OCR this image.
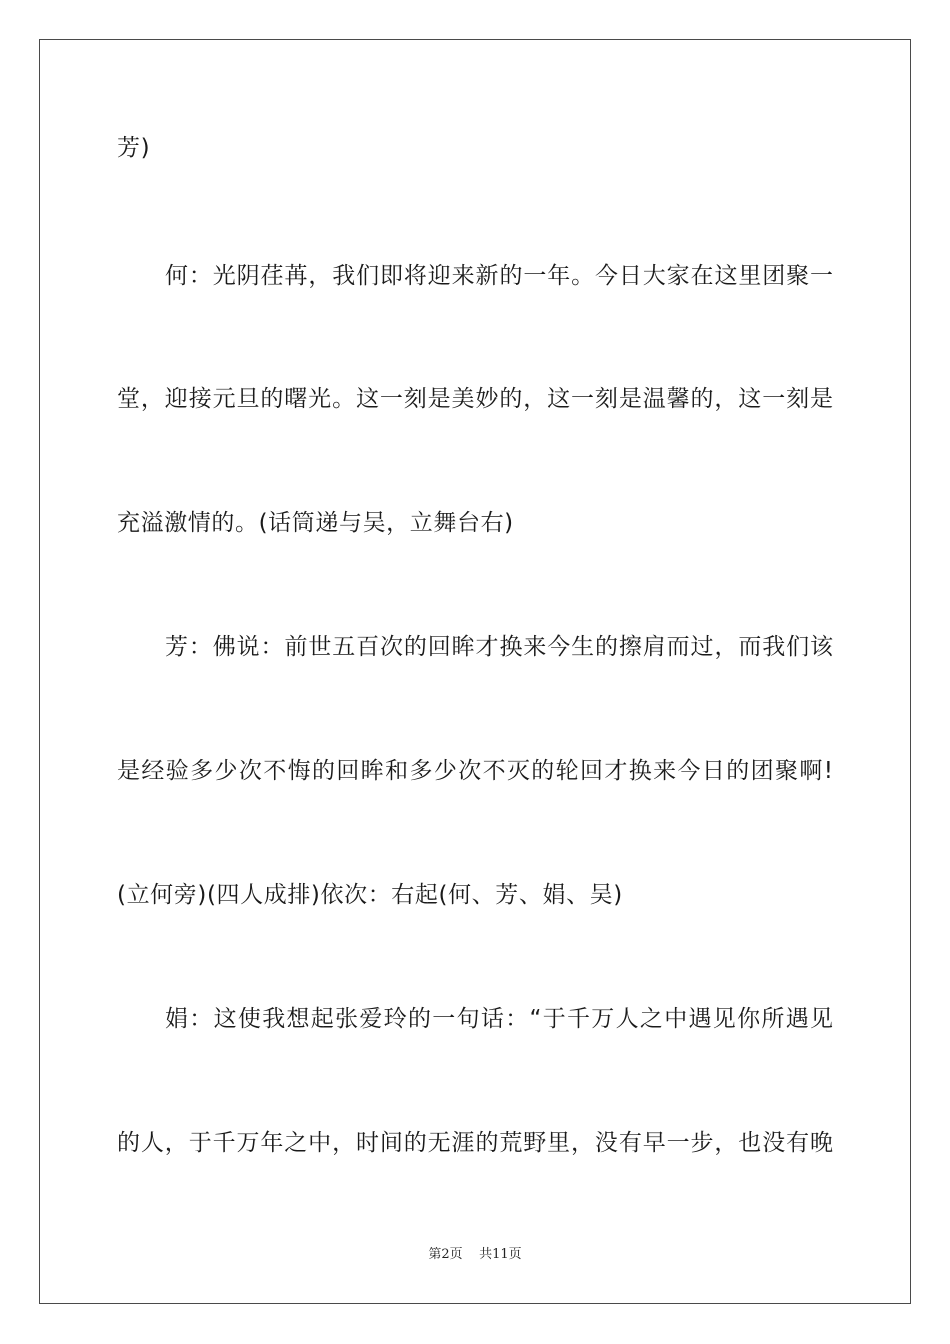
芳)
何：光阴荏苒，我们即将迎来新的一年。今日大家在这里团聚一
堂，迎接元旦的曙光。这一刻是美妙的，这一刻是温馨的，这一刻是
充溢激情的。(话筒递与吴，立舞台右)
芳：佛说：前世五百次的回眸才换来今生的擦肩而过，而我们该
是经验多少次不悔的回眸和多少次不灭的轮回才换来今日的团聚啊!
(立何旁)(四人成排)依次：右起(何、芳、娟、吴)
娟：这使我想起张爱玲的一句话：“于千万人之中遇见你所遇见
的人，于千万年之中，时间的无涯的荒野里，没有早一步，也没有晚
第2页 共11页
